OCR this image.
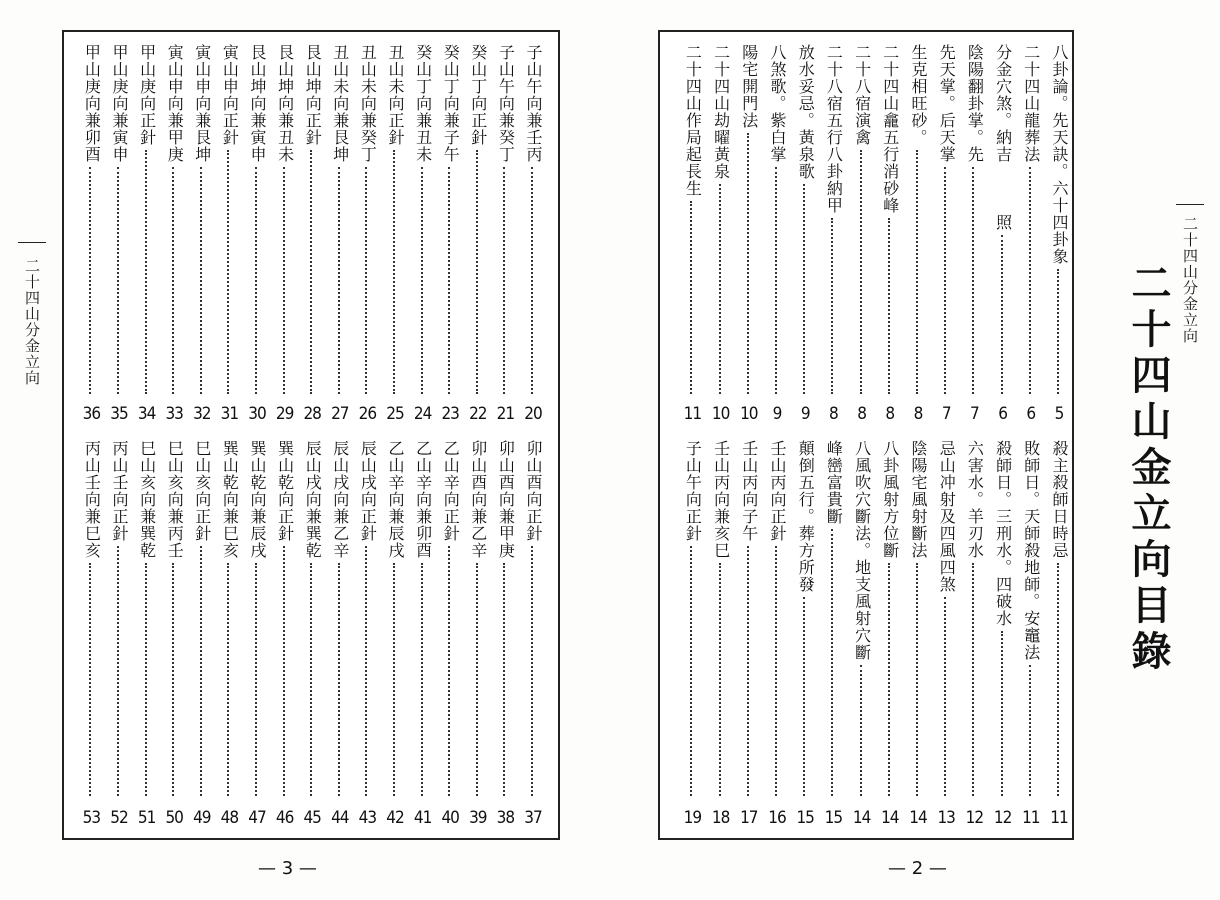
二十四山分金立向
二十四山金立向目錄
二十四山分金立向
八卦論。先天訣。六十四卦象
5
二十四山龍葬法
6
分金穴煞。納吉　　　照
6
陰陽翻卦掌。先
7
先天掌。后天掌
7
生克相旺砂。
8
二十四山龕五行消砂峰
8
二十八宿演禽
8
二十八宿五行八卦納甲
8
放水妥忌。黃泉歌
9
八煞歌。紫白掌
9
陽宅開門法
10
二十四山劫曜黃泉
10
二十四山作局起長生
11
殺主殺師日時忌
11
敗師日。天師殺地師。安竈法
11
殺師日。三刑水。四破水
12
六害水。羊刃水
12
忌山冲射及四風四煞
13
陰陽宅風射斷法
14
八卦風射方位斷
14
八風吹穴斷法。地支風射穴斷
14
峰巒富貴斷
15
顛倒五行。葬方所發
15
壬山丙向正針
16
壬山丙向子午
17
壬山丙向兼亥巳
18
子山午向正針
19
子山午向兼壬丙
20
子山午向兼癸丁
21
癸山丁向正針
22
癸山丁向兼子午
23
癸山丁向兼丑未
24
丑山未向正針
25
丑山未向兼癸丁
26
丑山未向兼艮坤
27
艮山坤向正針
28
艮山坤向兼丑未
29
艮山坤向兼寅申
30
寅山申向正針
31
寅山申向兼艮坤
32
寅山申向兼甲庚
33
甲山庚向正針
34
甲山庚向兼寅申
35
甲山庚向兼卯酉
36
卯山酉向正針
37
卯山酉向兼甲庚
38
卯山酉向兼乙辛
39
乙山辛向正針
40
乙山辛向兼卯酉
41
乙山辛向兼辰戌
42
辰山戌向正針
43
辰山戌向兼乙辛
44
辰山戌向兼巽乾
45
巽山乾向正針
46
巽山乾向兼辰戌
47
巽山乾向兼巳亥
48
巳山亥向正針
49
巳山亥向兼丙壬
50
巳山亥向兼巽乾
51
丙山壬向正針
52
丙山壬向兼巳亥
53
— 3 —	— 2 —
